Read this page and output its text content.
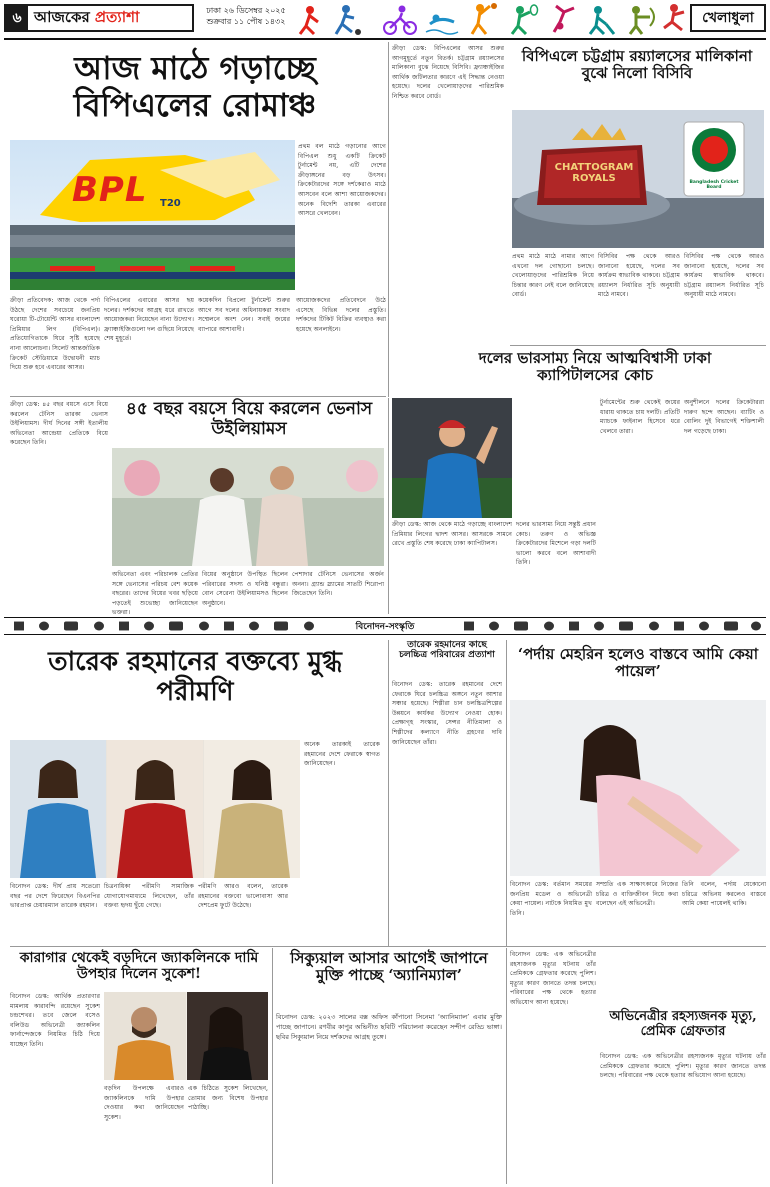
৬ আজকের প্রত্যাশা	ঢাকা ২৬ ডিসেম্বর ২০২৫
শুক্রবার ১১ পৌষ ১৪৩২	খেলাধুলা
আজ মাঠে গড়াচ্ছে বিপিএলের রোমাঞ্চ
BPL T20
প্রথম বল মাঠে গড়ানোর আগে বিপিএল শুধু একটি ক্রিকেট টুর্নামেন্ট নয়, এটি দেশের ক্রীড়াঙ্গনের বড় উৎসব। ক্রিকেটারদের সঙ্গে দর্শকেরাও মাঠে আসবেন বলে আশা আয়োজকদের। অনেক বিদেশি তারকা এবারের আসরে খেলবেন।
ক্রীড়া প্রতিবেদক: আজ থেকে পর্দা উঠছে দেশের সবচেয়ে জনপ্রিয় ঘরোয়া টি-টোয়েন্টি আসর বাংলাদেশ প্রিমিয়ার লিগ (বিপিএল)। প্রতিযোগিতাকে ঘিরে সৃষ্টি হয়েছে নানা আলোচনা। সিলেট আন্তর্জাতিক ক্রিকেট স্টেডিয়ামে উদ্বোধনী ম্যাচ দিয়ে শুরু হবে এবারের আসর।
বিপিএলের এবারের আসর ছয় দলের। দর্শকদের আগ্রহ ধরে রাখতে আয়োজকরা নিয়েছেন নানা উদ্যোগ। ফ্র্যাঞ্চাইজিগুলো দল গুছিয়ে নিয়েছে শেষ মুহূর্তে।
কয়েকদিন বিপ্রলো টুর্নামেন্ট শুরুর আগে সব দলের অধিনায়করা সংবাদ সম্মেলনে অংশ নেন। সবাই জয়ের ব্যাপারে আশাবাদী।
আয়োজকদের প্রতিবেদনে উঠে এসেছে বিভিন্ন দলের প্রস্তুতি। দর্শকদের টিকিট বিক্রির ব্যবস্থাও করা হয়েছে অনলাইনে।
ক্রীড়া ডেস্ক: বিপিএলের আসর শুরুর আগমুহূর্তে নতুন বিতর্ক। চট্টগ্রাম রয়্যালসের মালিকানা বুঝে নিয়েছে বিসিবি। ফ্র্যাঞ্চাইজির আর্থিক জটিলতার কারণে এই সিদ্ধান্ত নেওয়া হয়েছে। দলের খেলোয়াড়দের পারিশ্রমিক নিশ্চিত করবে বোর্ড।
বিপিএলে চট্টগ্রাম রয়্যালসের মালিকানা বুঝে নিলো বিসিবি
CHATTOGRAM ROYALS	Bangladesh Cricket Board
প্রথম মাঠে মাঠে নামার আগে এখনো দল গোছানো চলছে। খেলোয়াড়দের পারিশ্রমিক নিয়ে চিন্তার কারণ নেই বলে জানিয়েছে বোর্ড।
বিসিবির পক্ষ থেকে আরও জানানো হয়েছে, দলের সব কার্যক্রম স্বাভাবিক থাকবে। চট্টগ্রাম রয়্যালস নির্ধারিত সূচি অনুযায়ী মাঠে নামবে।
বিসিবির পক্ষ থেকে আরও জানানো হয়েছে, দলের সব কার্যক্রম স্বাভাবিক থাকবে। চট্টগ্রাম রয়্যালস নির্ধারিত সূচি অনুযায়ী মাঠে নামবে।
দলের ভারসাম্য নিয়ে আত্মবিশ্বাসী ঢাকা ক্যাপিটালসের কোচ
ক্রীড়া ডেস্ক: আজ থেকে মাঠে গড়াচ্ছে বাংলাদেশ প্রিমিয়ার লিগের দ্বাদশ আসর। আসরকে সামনে রেখে প্রস্তুতি শেষ করেছে ঢাকা ক্যাপিটালস।
দলের ভারসাম্য নিয়ে সন্তুষ্ট প্রধান কোচ। তরুণ ও অভিজ্ঞ ক্রিকেটারদের মিশেলে গড়া দলটি ভালো করবে বলে আশাবাদী তিনি।
টুর্নামেন্টের শুরু থেকেই জয়ের ধারায় থাকতে চায় দলটি। প্রতিটি ম্যাচকে ফাইনাল হিসেবে ধরে খেলবে তারা।
অনুশীলনে দলের ক্রিকেটাররা দারুণ ছন্দে আছেন। ব্যাটিং ও বোলিং দুই বিভাগেই শক্তিশালী দল গড়েছে ঢাকা।
ক্রীড়া ডেস্ক: ৪৫ বছর বয়সে এসে বিয়ে করলেন টেনিস তারকা ভেনাস উইলিয়ামস। দীর্ঘ দিনের সঙ্গী ইতালীয় অভিনেতা আন্দ্রেয়া প্রেতিকে বিয়ে করেছেন তিনি।
৪৫ বছর বয়সে বিয়ে করলেন ভেনাস উইলিয়ামস
অভিনেতা এবং পরিচালক প্রেতির সঙ্গে ভেনাসের পরিচয় বেশ কয়েক বছরের। তাদের বিয়ের খবর ছড়িয়ে পড়তেই শুভেচ্ছা জানিয়েছেন ভক্তরা।
বিয়ের অনুষ্ঠানে উপস্থিত ছিলেন পরিবারের সদস্য ও ঘনিষ্ঠ বন্ধুরা। বোন সেরেনা উইলিয়ামসও ছিলেন অনুষ্ঠানে।
পেশাদার টেনিসে ভেনাসের অর্জন অনন্য। গ্র্যান্ড স্ল্যামের সাতটি শিরোপা জিতেছেন তিনি।
বিনোদন-সংস্কৃতি
তারেক রহমানের বক্তব্যে মুগ্ধ পরীমণি
অনেক তারকাই তারেক রহমানের দেশে ফেরাকে স্বাগত জানিয়েছেন।
বিনোদন ডেস্ক: দীর্ঘ প্রায় সতেরো বছর পর দেশে ফিরেছেন বিএনপির ভারপ্রাপ্ত চেয়ারম্যান তারেক রহমান।
চিত্রনায়িকা পরীমণি সামাজিক যোগাযোগমাধ্যমে লিখেছেন, তাঁর বক্তব্য হৃদয় ছুঁয়ে গেছে।
পরীমণি আরও বলেন, তারেক রহমানের বক্তব্যে ভালোবাসা আর দেশপ্রেম ফুটে উঠেছে।
তারেক রহমানের কাছে চলচ্চিত্র পরিবারের প্রত্যাশা
বিনোদন ডেস্ক: তারেক রহমানের দেশে ফেরাকে ঘিরে চলচ্চিত্র অঙ্গনে নতুন আশার সঞ্চার হয়েছে। শিল্পীরা চান চলচ্চিত্রশিল্পের উন্নয়নে কার্যকর উদ্যোগ নেওয়া হোক। প্রেক্ষাগৃহ সংস্কার, সেন্সর নীতিমালা ও শিল্পীদের কল্যাণে নীতি গ্রহণের দাবি জানিয়েছেন তাঁরা।
‘পর্দায় মেহরিন হলেও বাস্তবে আমি কেয়া পায়েল’
বিনোদন ডেস্ক: বর্তমান সময়ের জনপ্রিয় মডেল ও অভিনেত্রী কেয়া পায়েল। নাটকে নিয়মিত মুখ তিনি।
সম্প্রতি এক সাক্ষাৎকারে নিজের চরিত্র ও ব্যক্তিজীবন নিয়ে কথা বলেছেন এই অভিনেত্রী।
তিনি বলেন, পর্দায় যেকোনো চরিত্রে অভিনয় করলেও বাস্তবে আমি কেয়া পায়েলই থাকি।
কারাগার থেকেই বড়দিনে জ্যাকলিনকে দামি উপহার দিলেন সুকেশ!
বিনোদন ডেস্ক: আর্থিক প্রতারণার মামলায় কারাবন্দি রয়েছেন সুকেশ চন্দ্রশেখর। তবে জেলে বসেও বলিউড অভিনেত্রী জ্যাকলিন ফার্নান্দেজকে নিয়মিত চিঠি দিয়ে যাচ্ছেন তিনি।
বড়দিন উপলক্ষে এবারও জ্যাকলিনকে দামি উপহার দেওয়ার কথা জানিয়েছেন সুকেশ।
এক চিঠিতে সুকেশ লিখেছেন, তোমার জন্য বিশেষ উপহার পাঠাচ্ছি।
সিক্যুয়াল আসার আগেই জাপানে মুক্তি পাচ্ছে ‘অ্যানিম্যাল’
বিনোদন ডেস্ক: ২০২৩ সালের বক্স অফিস কাঁপানো সিনেমা ‘অ্যানিম্যাল’ এবার মুক্তি পাচ্ছে জাপানে। রণবীর কাপুর অভিনীত ছবিটি পরিচালনা করেছেন সন্দীপ রেড্ডি ভাঙ্গা। ছবির সিক্যুয়াল নিয়ে দর্শকদের আগ্রহ তুঙ্গে।
বিনোদন ডেস্ক: এক অভিনেত্রীর রহস্যজনক মৃত্যুর ঘটনায় তাঁর প্রেমিককে গ্রেফতার করেছে পুলিশ। মৃত্যুর কারণ জানতে তদন্ত চলছে। পরিবারের পক্ষ থেকে হত্যার অভিযোগ আনা হয়েছে।
অভিনেত্রীর রহস্যজনক মৃত্যু, প্রেমিক গ্রেফতার
বিনোদন ডেস্ক: এক অভিনেত্রীর রহস্যজনক মৃত্যুর ঘটনায় তাঁর প্রেমিককে গ্রেফতার করেছে পুলিশ। মৃত্যুর কারণ জানতে তদন্ত চলছে। পরিবারের পক্ষ থেকে হত্যার অভিযোগ আনা হয়েছে।
